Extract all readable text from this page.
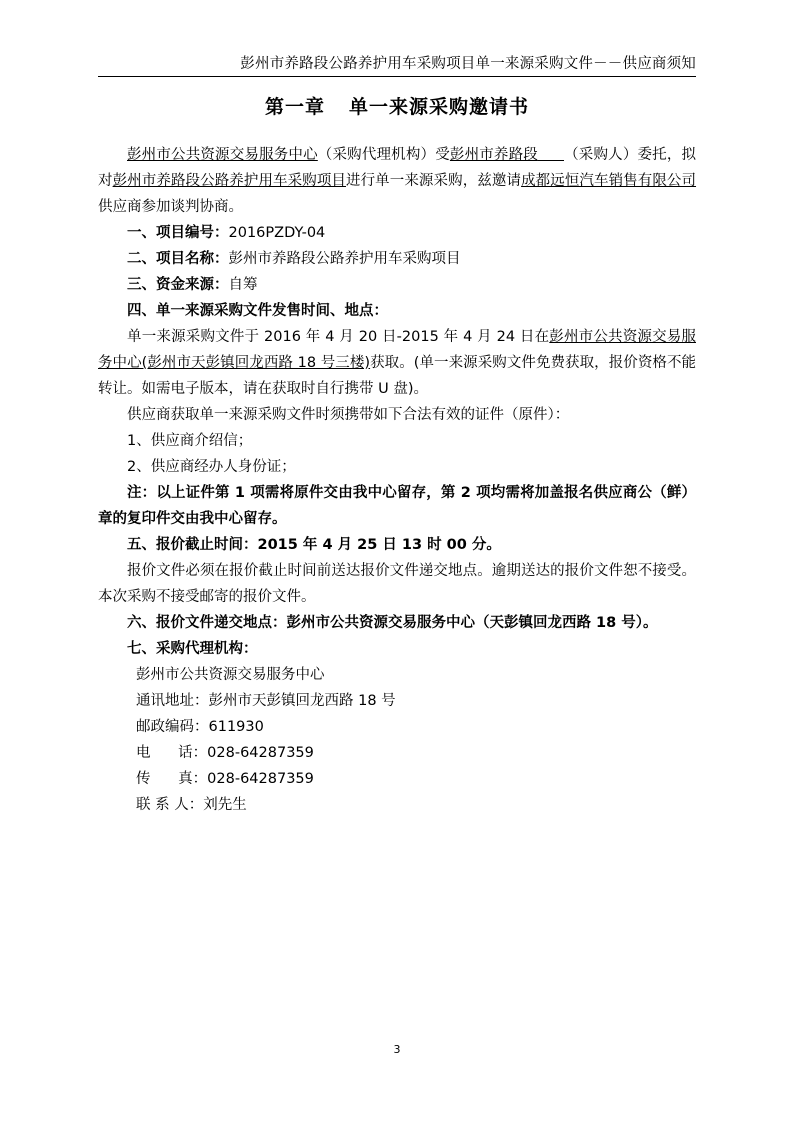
彭州市养路段公路养护用车采购项目单一来源采购文件－－供应商须知
第一章 单一来源采购邀请书

彭州市公共资源交易服务中心（采购代理机构）受彭州市养路段 （采购人）委托，拟对彭州市养路段公路养护用车采购项目进行单一来源采购，兹邀请成都远恒汽车销售有限公司供应商参加谈判协商。

一、项目编号：2016PZDY-04

二、项目名称：彭州市养路段公路养护用车采购项目

三、资金来源：自筹

四、单一来源采购文件发售时间、地点：

单一来源采购文件于 2016 年 4 月 20 日-2015 年 4 月 24 日在彭州市公共资源交易服务中心(彭州市天彭镇回龙西路 18 号三楼)获取。(单一来源采购文件免费获取，报价资格不能转让。如需电子版本，请在获取时自行携带 U 盘)。

供应商获取单一来源采购文件时须携带如下合法有效的证件（原件）：

1、供应商介绍信；

2、供应商经办人身份证；

注：以上证件第 1 项需将原件交由我中心留存，第 2 项均需将加盖报名供应商公（鲜）章的复印件交由我中心留存。

五、报价截止时间：2015 年 4 月 25 日 13 时 00 分。

报价文件必须在报价截止时间前送达报价文件递交地点。逾期送达的报价文件恕不接受。本次采购不接受邮寄的报价文件。

六、报价文件递交地点：彭州市公共资源交易服务中心（天彭镇回龙西路 18 号）。

七、采购代理机构：

彭州市公共资源交易服务中心

通讯地址：彭州市天彭镇回龙西路 18 号

邮政编码：611930

电      话：028-64287359

传      真：028-64287359

联 系 人：刘先生

3
